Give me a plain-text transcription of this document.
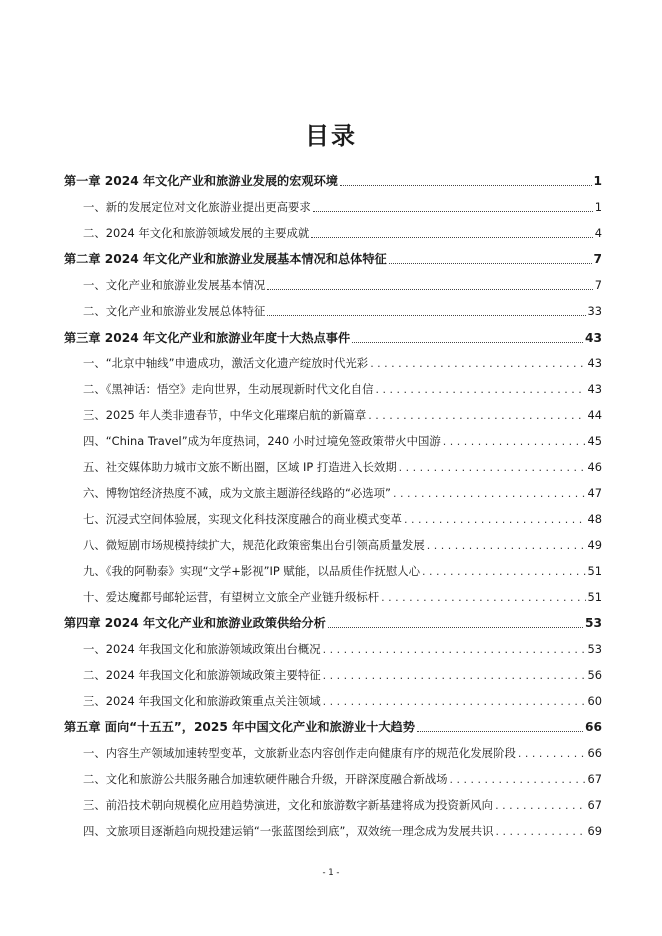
目录
第一章 2024 年文化产业和旅游业发展的宏观环境	1
一、新的发展定位对文化旅游业提出更高要求	1
二、2024 年文化和旅游领域发展的主要成就	4
第二章 2024 年文化产业和旅游业发展基本情况和总体特征	7
一、文化产业和旅游业发展基本情况	7
二、文化产业和旅游业发展总体特征	33
第三章 2024 年文化产业和旅游业年度十大热点事件	43
一、“北京中轴线”申遗成功，激活文化遗产绽放时代光彩 . . .	43
二、《黑神话：悟空》走向世界，生动展现新时代文化自信 . . .	43
三、2025 年人类非遗春节，中华文化璀璨启航的新篇章 . . .	44
四、“China Travel”成为年度热词，240 小时过境免签政策带火中国游 . . .	45
五、社交媒体助力城市文旅不断出圈，区域 IP 打造进入长效期 . . .	46
六、博物馆经济热度不减，成为文旅主题游径线路的“必选项” . . .	47
七、沉浸式空间体验展，实现文化科技深度融合的商业模式变革 . . .	48
八、微短剧市场规模持续扩大，规范化政策密集出台引领高质量发展 . . .	49
九、《我的阿勒泰》实现“文学+影视”IP 赋能，以品质佳作抚慰人心 . . .	51
十、爱达魔都号邮轮运营，有望树立文旅全产业链升级标杆 . . .	51
第四章 2024 年文化产业和旅游业政策供给分析	53
一、2024 年我国文化和旅游领域政策出台概况 . . .	53
二、2024 年我国文化和旅游领域政策主要特征 . . .	56
三、2024 年我国文化和旅游政策重点关注领域 . . .	60
第五章 面向“十五五”，2025 年中国文化产业和旅游业十大趋势	66
一、内容生产领域加速转型变革，文旅新业态内容创作走向健康有序的规范化发展阶段 . . .	66
二、文化和旅游公共服务融合加速软硬件融合升级，开辟深度融合新战场 . . .	67
三、前沿技术朝向规模化应用趋势演进，文化和旅游数字新基建将成为投资新风向 . . .	67
四、文旅项目逐渐趋向规投建运销“一张蓝图绘到底”，双效统一理念成为发展共识 . . .	69
- 1 -
